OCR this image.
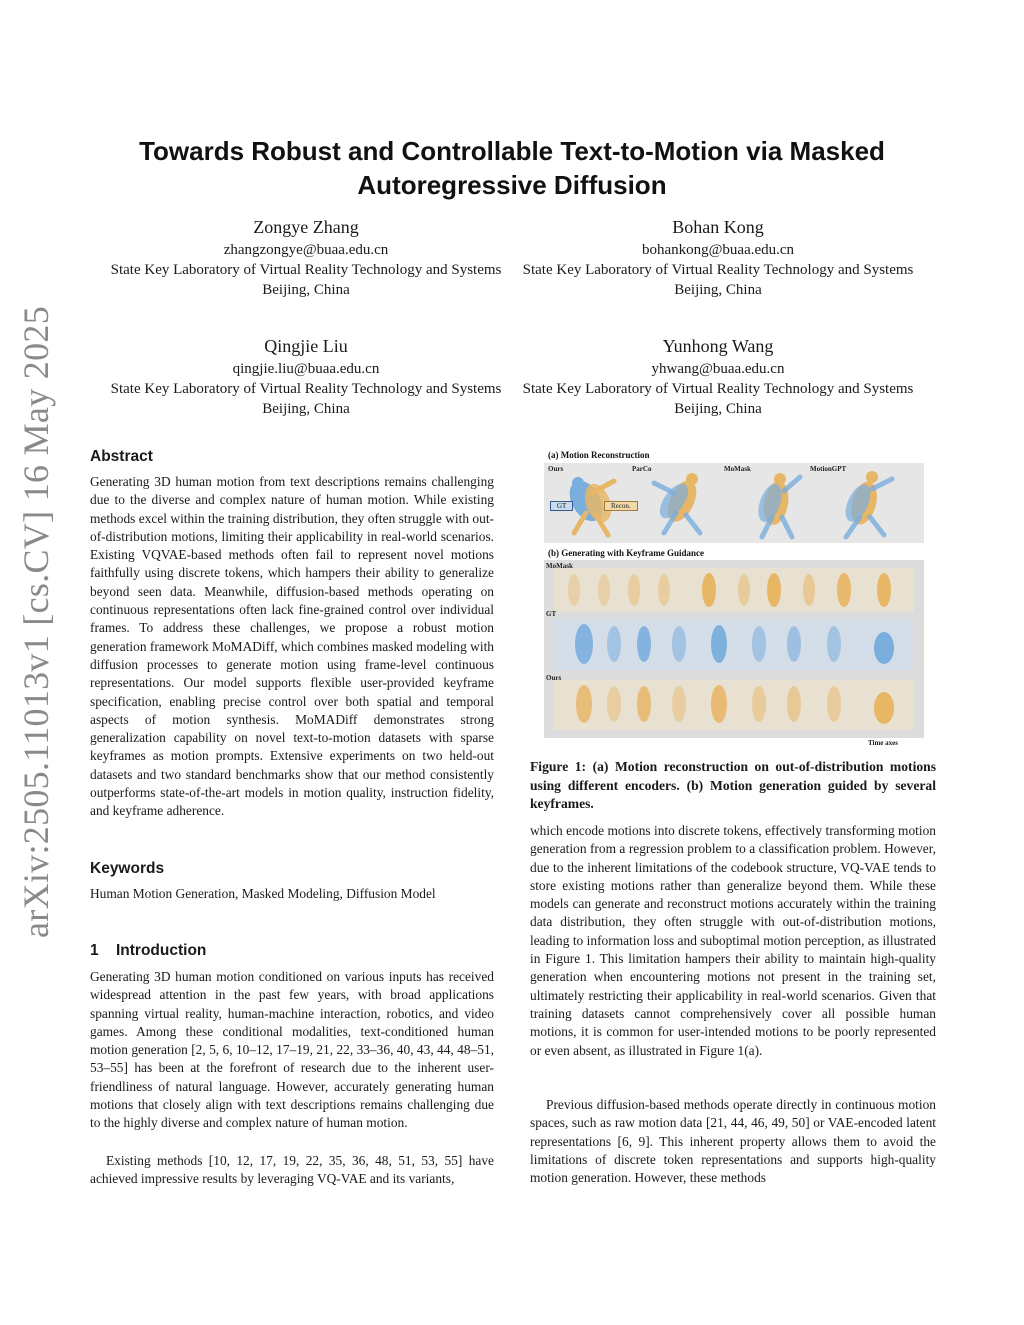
arXiv:2505.11013v1 [cs.CV] 16 May 2025
Towards Robust and Controllable Text-to-Motion via Masked Autoregressive Diffusion
Zongye Zhang
zhangzongye@buaa.edu.cn
State Key Laboratory of Virtual Reality Technology and Systems
Beijing, China
Bohan Kong
bohankong@buaa.edu.cn
State Key Laboratory of Virtual Reality Technology and Systems
Beijing, China
Qingjie Liu
qingjie.liu@buaa.edu.cn
State Key Laboratory of Virtual Reality Technology and Systems
Beijing, China
Yunhong Wang
yhwang@buaa.edu.cn
State Key Laboratory of Virtual Reality Technology and Systems
Beijing, China
Abstract
Generating 3D human motion from text descriptions remains challenging due to the diverse and complex nature of human motion. While existing methods excel within the training distribution, they often struggle with out-of-distribution motions, limiting their applicability in real-world scenarios. Existing VQVAE-based methods often fail to represent novel motions faithfully using discrete tokens, which hampers their ability to generalize beyond seen data. Meanwhile, diffusion-based methods operating on continuous representations often lack fine-grained control over individual frames. To address these challenges, we propose a robust motion generation framework MoMADiff, which combines masked modeling with diffusion processes to generate motion using frame-level continuous representations. Our model supports flexible user-provided keyframe specification, enabling precise control over both spatial and temporal aspects of motion synthesis. MoMADiff demonstrates strong generalization capability on novel text-to-motion datasets with sparse keyframes as motion prompts. Extensive experiments on two held-out datasets and two standard benchmarks show that our method consistently outperforms state-of-the-art models in motion quality, instruction fidelity, and keyframe adherence.
Keywords
Human Motion Generation, Masked Modeling, Diffusion Model
1 Introduction
Generating 3D human motion conditioned on various inputs has received widespread attention in the past few years, with broad applications spanning virtual reality, human-machine interaction, robotics, and video games. Among these conditional modalities, text-conditioned human motion generation [2, 5, 6, 10–12, 17–19, 21, 22, 33–36, 40, 43, 44, 48–51, 53–55] has been at the forefront of research due to the inherent user-friendliness of natural language. However, accurately generating human motions that closely align with text descriptions remains challenging due to the highly diverse and complex nature of human motion.
Existing methods [10, 12, 17, 19, 22, 35, 36, 48, 51, 53, 55] have achieved impressive results by leveraging VQ-VAE and its variants,
(a) Motion Reconstruction
Ours	ParCo	MoMask	MotionGPT
GT	Recon.
(b) Generating with Keyframe Guidance
MoMask
GT
Ours
Time axes
Figure 1: (a) Motion reconstruction on out-of-distribution motions using different encoders. (b) Motion generation guided by several keyframes.
which encode motions into discrete tokens, effectively transforming motion generation from a regression problem to a classification problem. However, due to the inherent limitations of the codebook structure, VQ-VAE tends to store existing motions rather than generalize beyond them. While these models can generate and reconstruct motions accurately within the training data distribution, they often struggle with out-of-distribution motions, leading to information loss and suboptimal motion perception, as illustrated in Figure 1. This limitation hampers their ability to maintain high-quality generation when encountering motions not present in the training set, ultimately restricting their applicability in real-world scenarios. Given that training datasets cannot comprehensively cover all possible human motions, it is common for user-intended motions to be poorly represented or even absent, as illustrated in Figure 1(a).
Previous diffusion-based methods operate directly in continuous motion spaces, such as raw motion data [21, 44, 46, 49, 50] or VAE-encoded latent representations [6, 9]. This inherent property allows them to avoid the limitations of discrete token representations and supports high-quality motion generation. However, these methods
